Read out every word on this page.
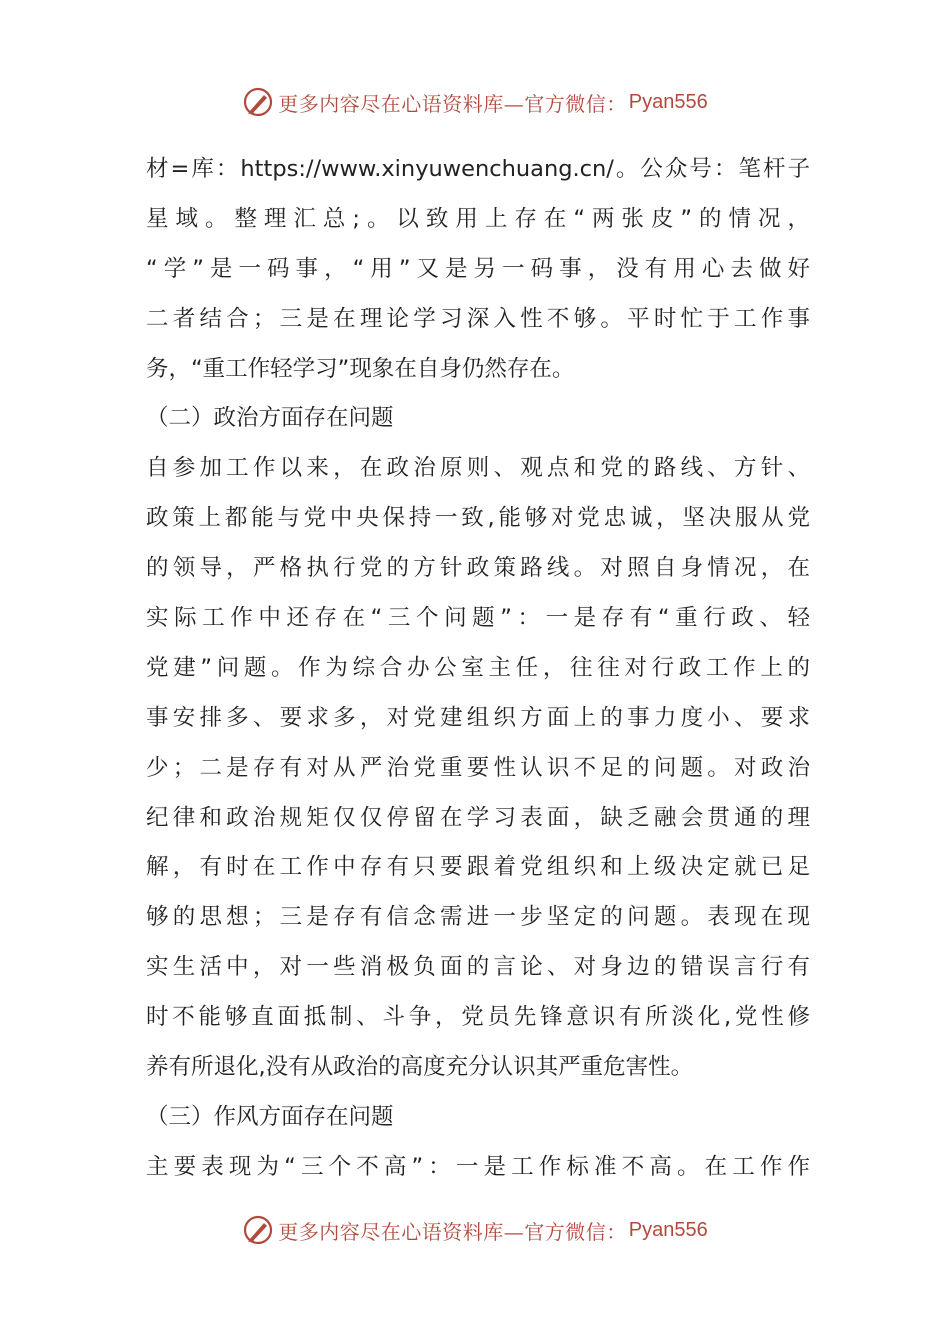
更多内容尽在心语资料库—官方微信： Pyan556
材=库：https://www.xinyuwenchuang.cn/。公众号：笔杆子
星域。整理汇总;。以致用上存在“两张皮”的情况，
“学”是一码事，“用”又是另一码事，没有用心去做好
二者结合；三是在理论学习深入性不够。平时忙于工作事
务，“重工作轻学习”现象在自身仍然存在。
（二）政治方面存在问题
自参加工作以来，在政治原则、观点和党的路线、方针、
政策上都能与党中央保持一致,能够对党忠诚，坚决服从党
的领导，严格执行党的方针政策路线。对照自身情况，在
实际工作中还存在“三个问题”：一是存有“重行政、轻
党建”问题。作为综合办公室主任，往往对行政工作上的
事安排多、要求多，对党建组织方面上的事力度小、要求
少；二是存有对从严治党重要性认识不足的问题。对政治
纪律和政治规矩仅仅停留在学习表面，缺乏融会贯通的理
解，有时在工作中存有只要跟着党组织和上级决定就已足
够的思想；三是存有信念需进一步坚定的问题。表现在现
实生活中，对一些消极负面的言论、对身边的错误言行有
时不能够直面抵制、斗争，党员先锋意识有所淡化,党性修
养有所退化,没有从政治的高度充分认识其严重危害性。
（三）作风方面存在问题
主要表现为“三个不高”：一是工作标准不高。在工作作
更多内容尽在心语资料库—官方微信： Pyan556
